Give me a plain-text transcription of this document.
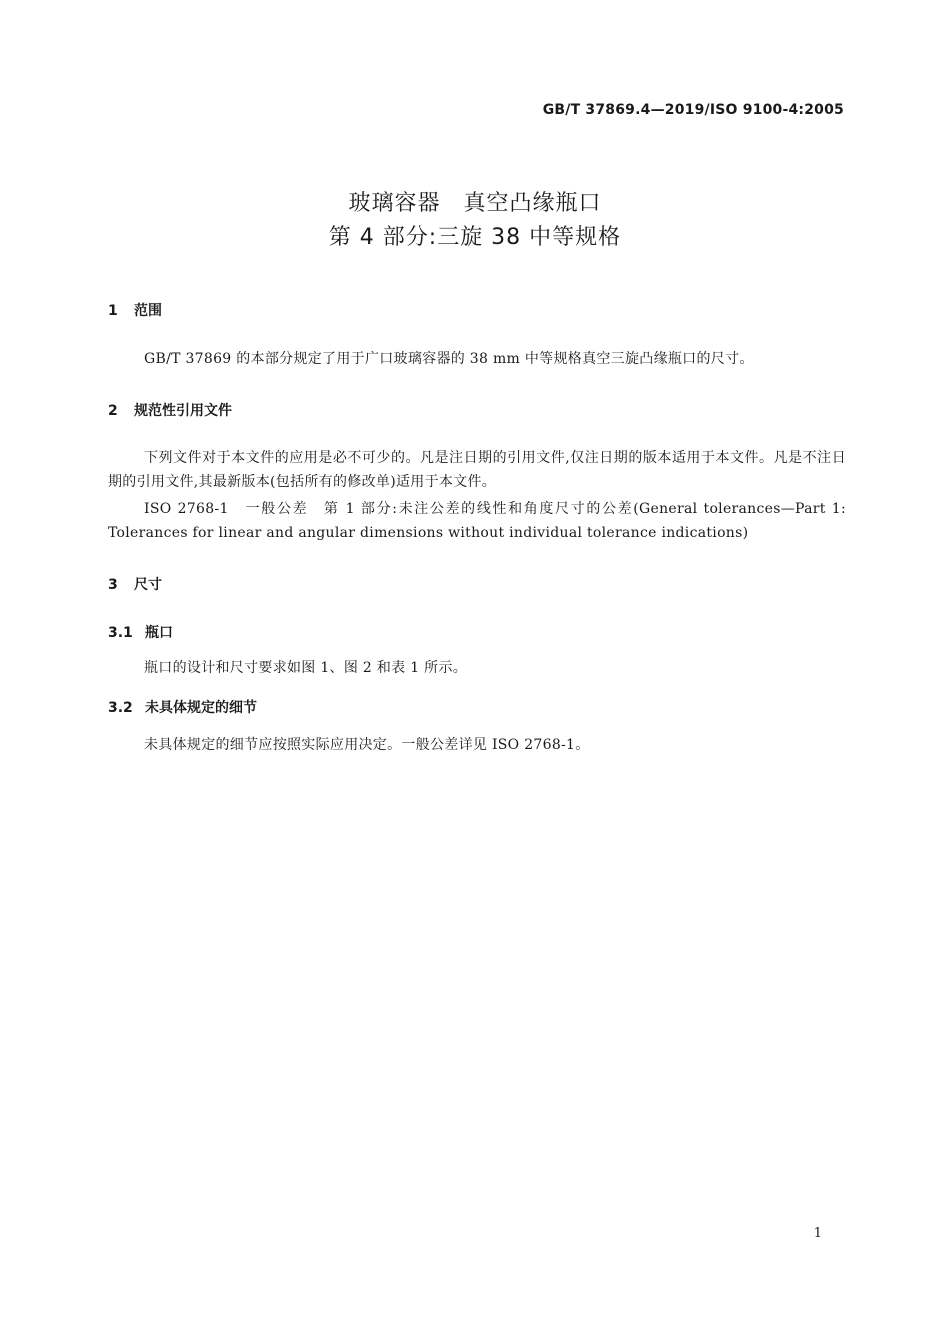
GB/T 37869.4—2019/ISO 9100-4:2005
玻璃容器　真空凸缘瓶口
第 4 部分:三旋 38 中等规格
1 范围
GB/T 37869 的本部分规定了用于广口玻璃容器的 38 mm 中等规格真空三旋凸缘瓶口的尺寸。
2 规范性引用文件
下列文件对于本文件的应用是必不可少的。凡是注日期的引用文件,仅注日期的版本适用于本文件。凡是不注日期的引用文件,其最新版本(包括所有的修改单)适用于本文件。
ISO 2768-1　一般公差　第 1 部分:未注公差的线性和角度尺寸的公差(General tolerances—Part 1: Tolerances for linear and angular dimensions without individual tolerance indications)
3 尺寸
3.1 瓶口
瓶口的设计和尺寸要求如图 1、图 2 和表 1 所示。
3.2 未具体规定的细节
未具体规定的细节应按照实际应用决定。一般公差详见 ISO 2768-1。
1
